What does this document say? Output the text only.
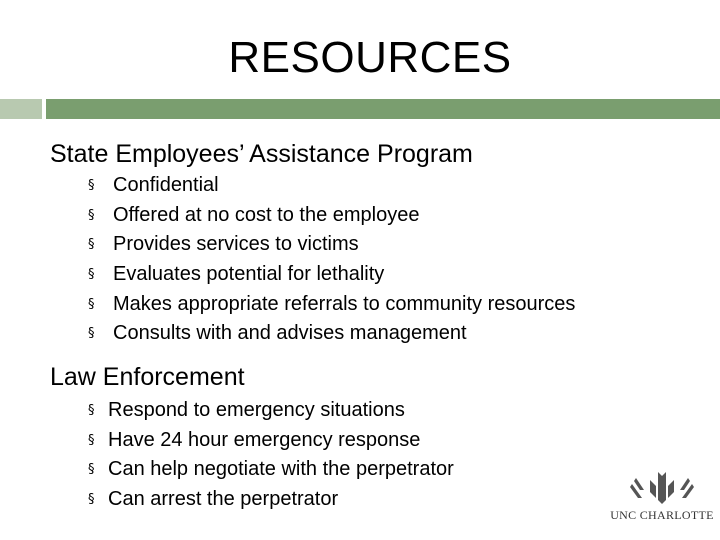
RESOURCES
State Employees’ Assistance Program
§ Confidential
§ Offered at no cost to the employee
§ Provides services to victims
§ Evaluates potential for lethality
§ Makes appropriate referrals to community resources
§ Consults with and advises management
Law Enforcement
§ Respond to emergency situations
§ Have 24 hour emergency response
§ Can help negotiate with the perpetrator
§ Can arrest the perpetrator
UNC CHARLOTTE
